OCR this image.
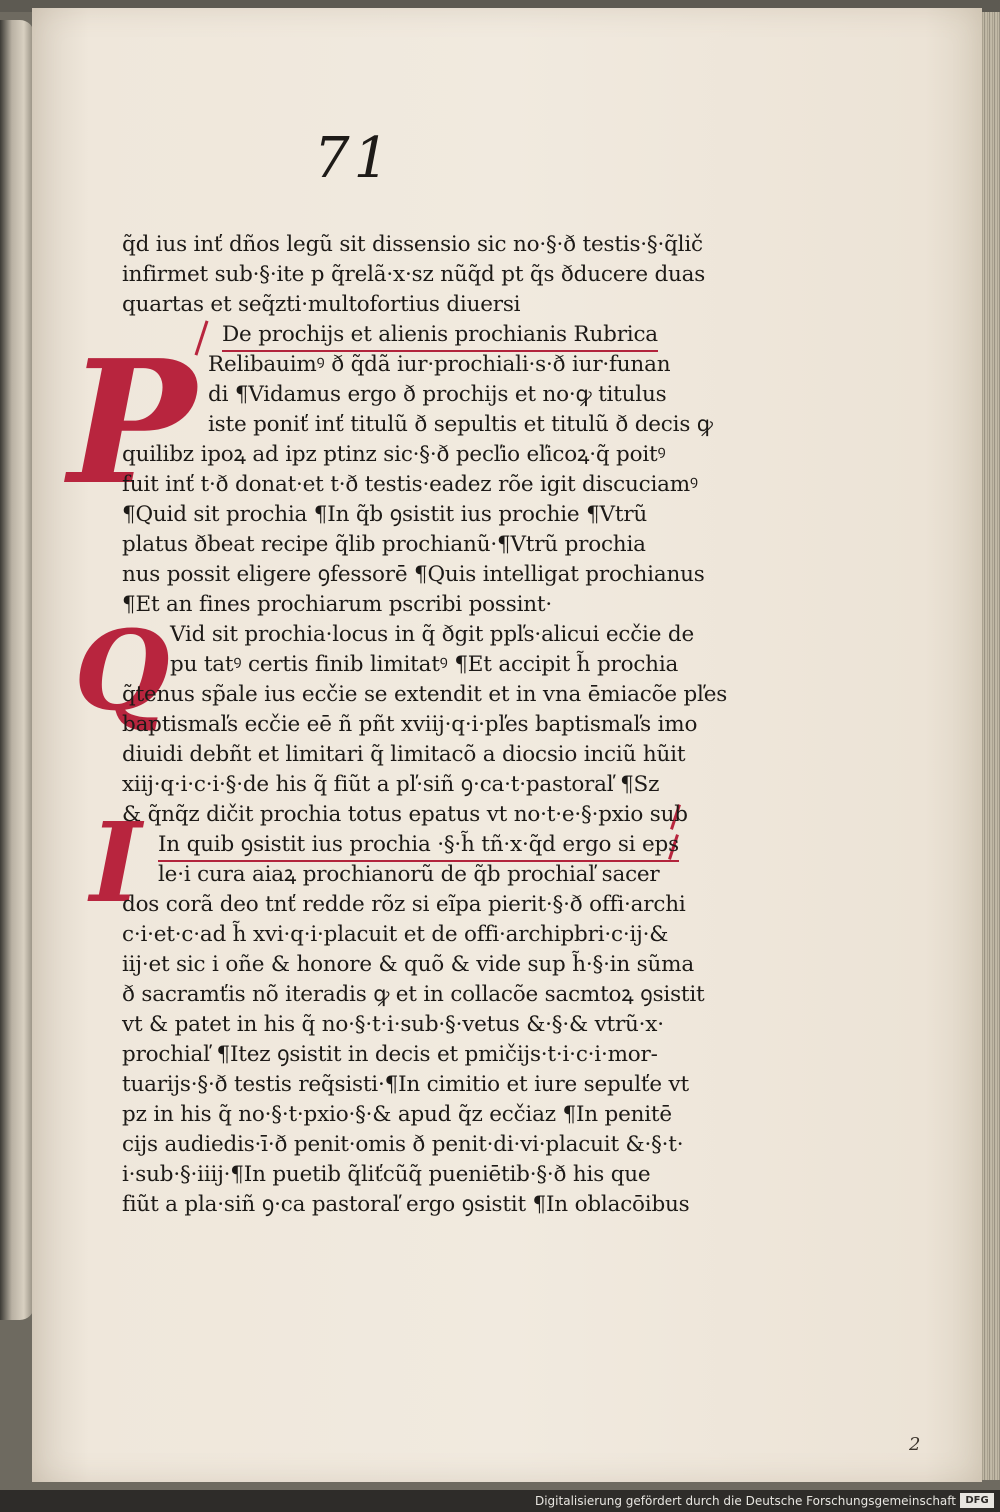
71
P
Q
I
q̃d ius inť dños legũ sit dissensio sic no·§·ð testis·§·q̃lič
infirmet sub·§·ite p q̃relã·x·sz nũq̃d pt q̃s ðducere duas
quartas et seq̃zti·multofortius diuersi
De prochijs et alienis prochianis Rubrica
Relibauimꝰ ð q̃dã iur·prochiali·s·ð iur·funan
di ¶Vidamus ergo ð prochijs et no·ꝙ titulus
iste poniť inť titulũ ð sepultis et titulũ ð decis ꝙ
quilibz ipoꝝ ad ipz ptinz sic·§·ð pecľio eľicoꝝ·q̃ poitꝰ
fuit inť t·ð donat·et t·ð testis·eadez rõe igit discuciamꝰ
¶Quid sit prochia ¶In q̃b ꝯsistit ius prochie ¶Vtrũ
platus ðbeat recipe q̃lib prochianũ·¶Vtrũ prochia
nus possit eligere ꝯfessorē ¶Quis intelligat prochianus
¶Et an fines prochiarum pscribi possint·
Vid sit prochia·locus in q̃ ðgit ppľs·alicui ecčie de
pu tatꝰ certis finib limitatꝰ ¶Et accipit h̃ prochia
q̃tenus sp̃ale ius ecčie se extendit et in vna ēmiacõe pľes
baptismaľs ecčie eē ñ pñt xviij·q·i·pľes baptismaľs imo
diuidi debñt et limitari q̃ limitacõ a diocsio inciũ hũit
xiij·q·i·c·i·§·de his q̃ fiũt a pľ·siñ ꝯ·ca·t·pastoraľ ¶Sz
& q̃nq̃z dičit prochia totus epatus vt no·t·e·§·pxio sub
In quib ꝯsistit ius prochia ·§·h̃ tñ·x·q̃d ergo si eps
le·i cura aiaꝝ prochianorũ de q̃b prochiaľ sacer
dos corã deo tnť redde rõz si eĩpa pierit·§·ð offi·archi
c·i·et·c·ad h̃ xvi·q·i·placuit et de offi·archipbri·c·ij·&
iij·et sic i oñe & honore & quõ & vide sup h̃·§·in sũma
ð sacramťis nõ iteradis ꝙ et in collacõe sacmtoꝝ ꝯsistit
vt & patet in his q̃ no·§·t·i·sub·§·vetus &·§·& vtrũ·x·
prochiaľ ¶Itez ꝯsistit in decis et pmičijs·t·i·c·i·mor-
tuarijs·§·ð testis req̃sisti·¶In cimitio et iure sepulťe vt
pz in his q̃ no·§·t·pxio·§·& apud q̃z ecčiaz ¶In penitē
cijs audiedis·ī·ð penit·omis ð penit·di·vi·placuit &·§·t·
i·sub·§·iiij·¶In puetib q̃liťcũq̃ pueniētib·§·ð his que
fiũt a pla·siñ ꝯ·ca pastoraľ ergo ꝯsistit ¶In oblacōibus
2
Digitalisierung gefördert durch die Deutsche Forschungsgemeinschaft DFG
